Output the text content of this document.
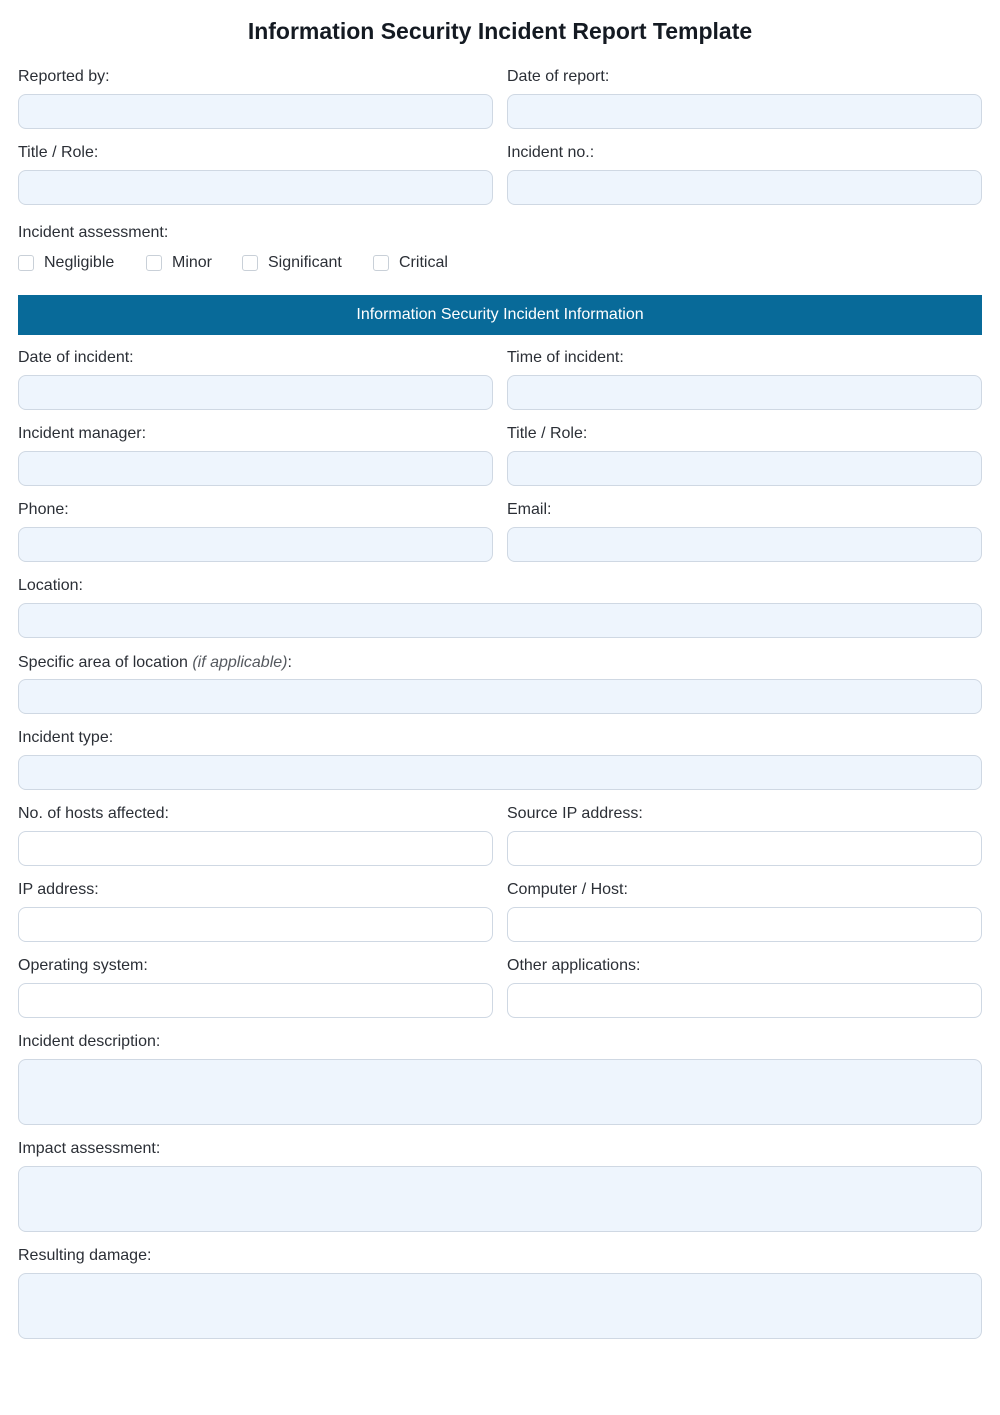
Information Security Incident Report Template
Reported by:	Date of report:
Title / Role:	Incident no.:
Incident assessment:
Negligible	Minor	Significant	Critical
Information Security Incident Information
Date of incident:	Time of incident:
Incident manager:	Title / Role:
Phone:	Email:
Location:
Specific area of location (if applicable):
Incident type:
No. of hosts affected:	Source IP address:
IP address:	Computer / Host:
Operating system:	Other applications:
Incident description:
Impact assessment:
Resulting damage:
